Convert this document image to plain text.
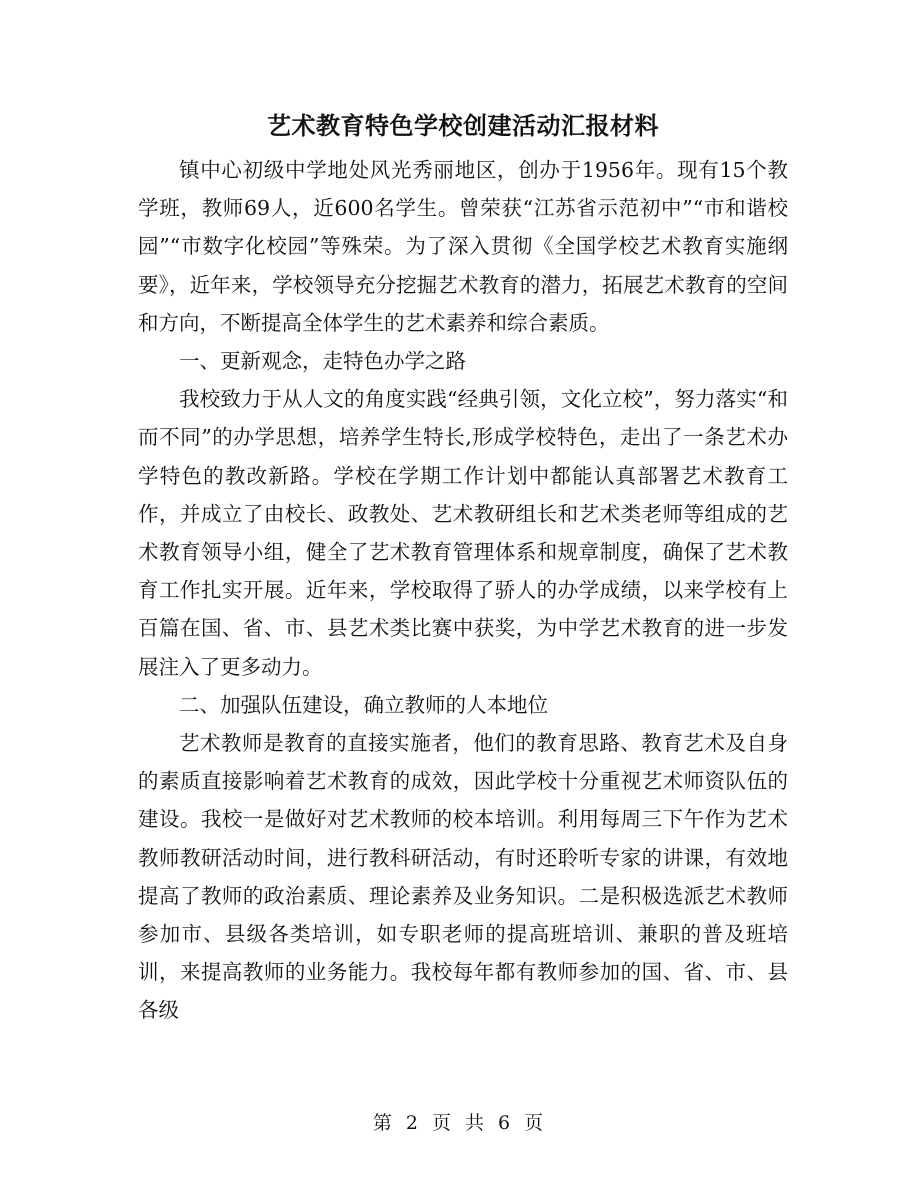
艺术教育特色学校创建活动汇报材料

镇中心初级中学地处风光秀丽地区，创办于1956年。现有15个教学班，教师69人，近600名学生。曾荣获“江苏省示范初中”“市和谐校园”“市数字化校园”等殊荣。为了深入贯彻《全国学校艺术教育实施纲要》，近年来，学校领导充分挖掘艺术教育的潜力，拓展艺术教育的空间和方向，不断提高全体学生的艺术素养和综合素质。

一、更新观念，走特色办学之路

我校致力于从人文的角度实践“经典引领，文化立校”，努力落实“和而不同”的办学思想，培养学生特长,形成学校特色，走出了一条艺术办学特色的教改新路。学校在学期工作计划中都能认真部署艺术教育工作，并成立了由校长、政教处、艺术教研组长和艺术类老师等组成的艺术教育领导小组，健全了艺术教育管理体系和规章制度，确保了艺术教育工作扎实开展。近年来，学校取得了骄人的办学成绩，以来学校有上百篇在国、省、市、县艺术类比赛中获奖，为中学艺术教育的进一步发展注入了更多动力。

二、加强队伍建设，确立教师的人本地位

艺术教师是教育的直接实施者，他们的教育思路、教育艺术及自身的素质直接影响着艺术教育的成效，因此学校十分重视艺术师资队伍的建设。我校一是做好对艺术教师的校本培训。利用每周三下午作为艺术教师教研活动时间，进行教科研活动，有时还聆听专家的讲课，有效地提高了教师的政治素质、理论素养及业务知识。二是积极选派艺术教师参加市、县级各类培训，如专职老师的提高班培训、兼职的普及班培训，来提高教师的业务能力。我校每年都有教师参加的国、省、市、县各级

第 2 页 共 6 页
